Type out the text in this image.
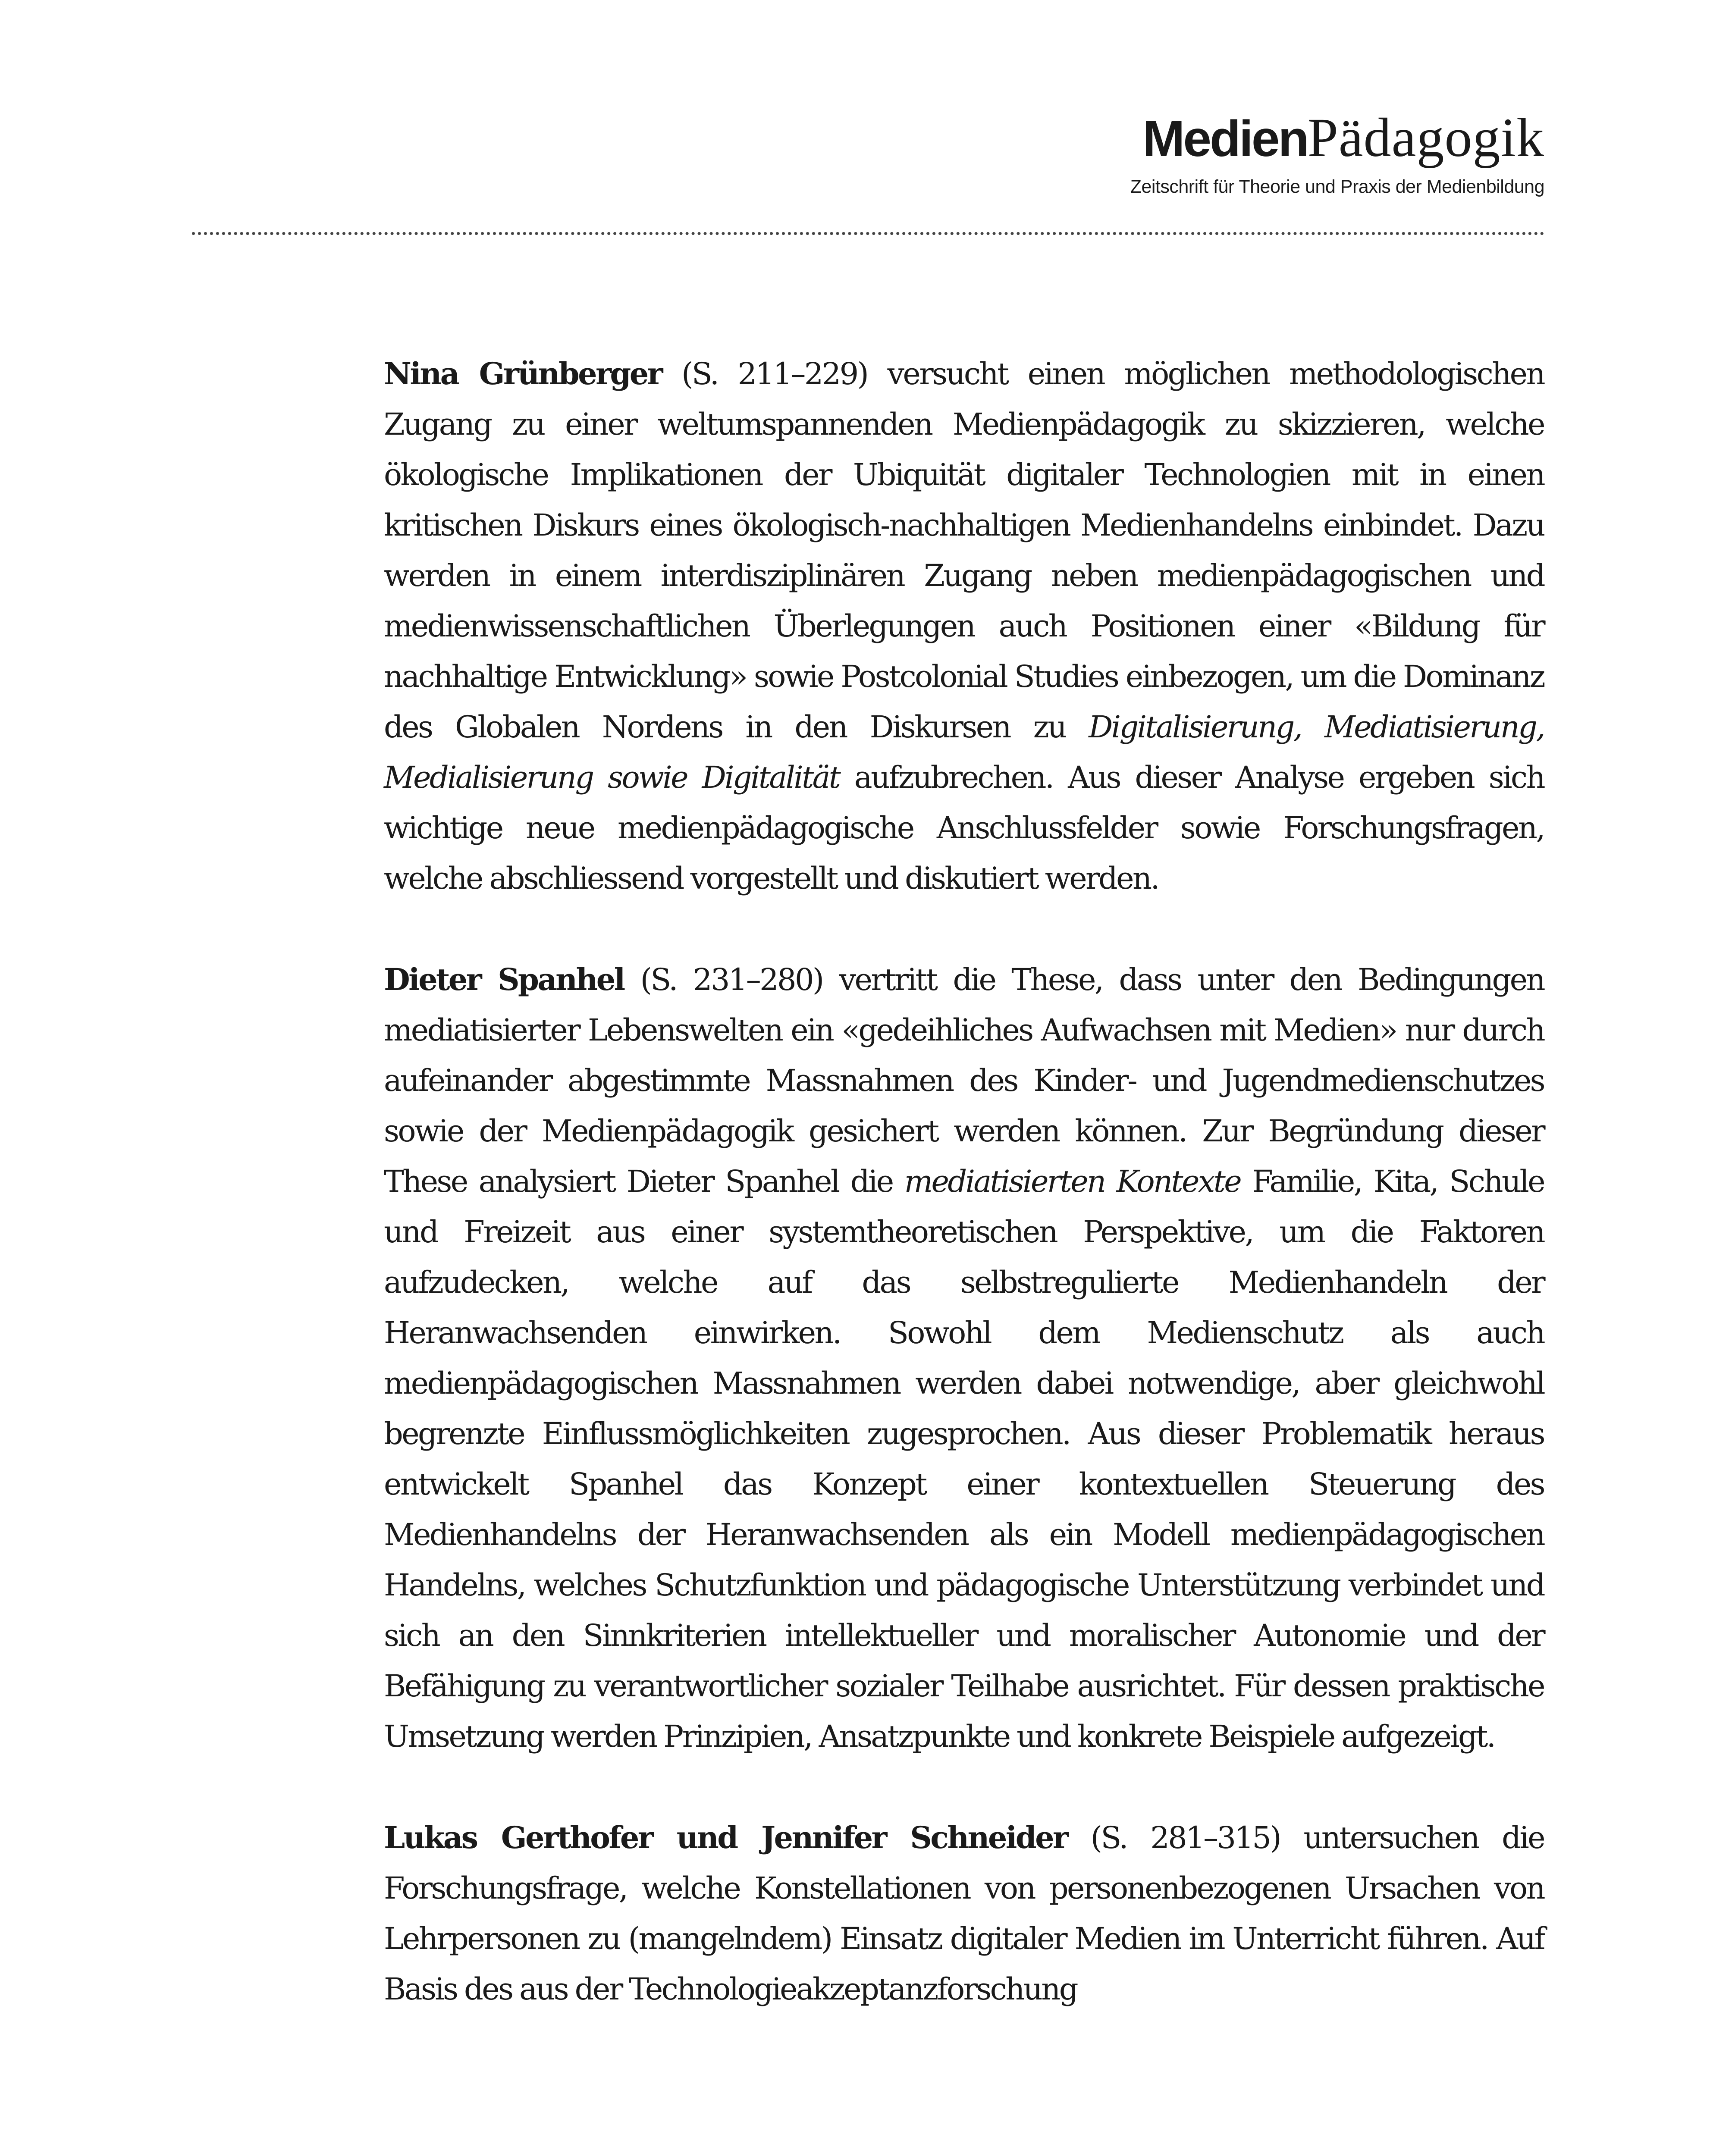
MedienPädagogik
Zeitschrift für Theorie und Praxis der Medienbildung

Nina Grünberger (S. 211–229) versucht einen möglichen methodologischen Zugang zu einer weltumspannenden Medienpädagogik zu skizzieren, welche ökologische Implikationen der Ubiquität digitaler Technologien mit in einen kritischen Diskurs eines ökologisch-nachhaltigen Medienhandelns einbindet. Dazu werden in einem interdisziplinären Zugang neben medienpädagogischen und medienwissenschaftlichen Überlegungen auch Positionen einer «Bildung für nachhaltige Entwicklung» sowie Postcolonial Studies einbezogen, um die Dominanz des Globalen Nordens in den Diskursen zu Digitalisierung, Mediatisierung, Medialisierung sowie Digitalität aufzubrechen. Aus dieser Analyse ergeben sich wichtige neue medienpädagogische Anschlussfelder sowie Forschungsfragen, welche abschliessend vorgestellt und diskutiert werden.

Dieter Spanhel (S. 231–280) vertritt die These, dass unter den Bedingungen mediatisierter Lebenswelten ein «gedeihliches Aufwachsen mit Medien» nur durch aufeinander abgestimmte Massnahmen des Kinder- und Jugendmedienschutzes sowie der Medienpädagogik gesichert werden können. Zur Begründung dieser These analysiert Dieter Spanhel die mediatisierten Kontexte Familie, Kita, Schule und Freizeit aus einer systemtheoretischen Perspektive, um die Faktoren aufzudecken, welche auf das selbstregulierte Medienhandeln der Heranwachsenden einwirken. Sowohl dem Medienschutz als auch medienpädagogischen Massnahmen werden dabei notwendige, aber gleichwohl begrenzte Einflussmöglichkeiten zugesprochen. Aus dieser Problematik heraus entwickelt Spanhel das Konzept einer kontextuellen Steuerung des Medienhandelns der Heranwachsenden als ein Modell medienpädagogischen Handelns, welches Schutzfunktion und pädagogische Unterstützung verbindet und sich an den Sinnkriterien intellektueller und moralischer Autonomie und der Befähigung zu verantwortlicher sozialer Teilhabe ausrichtet. Für dessen praktische Umsetzung werden Prinzipien, Ansatzpunkte und konkrete Beispiele aufgezeigt.

Lukas Gerthofer und Jennifer Schneider (S. 281–315) untersuchen die Forschungsfrage, welche Konstellationen von personenbezogenen Ursachen von Lehrpersonen zu (mangelndem) Einsatz digitaler Medien im Unterricht führen. Auf Basis des aus der Technologieakzeptanzforschung
